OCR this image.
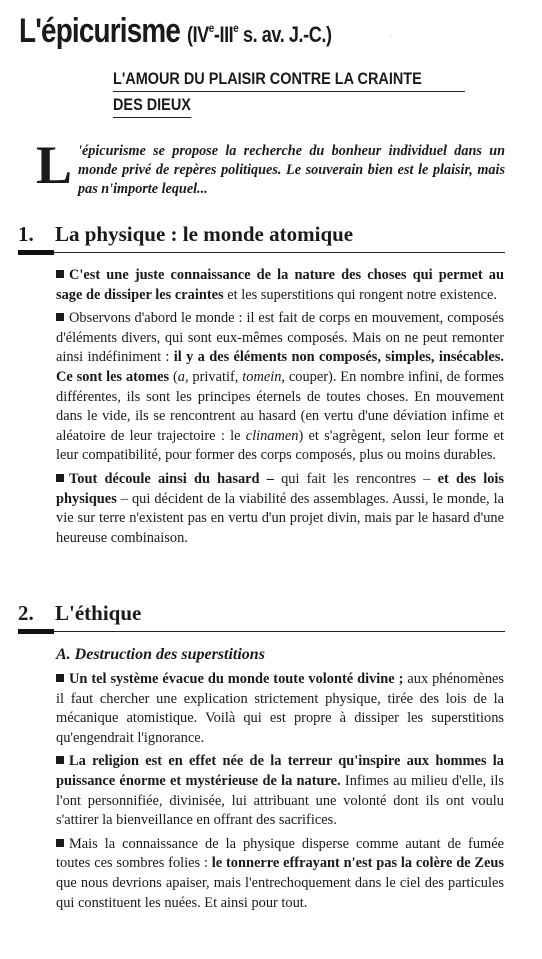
L'épicurisme (IVe-IIIe s. av. J.-C.)	·
L'AMOUR DU PLAISIR CONTRE LA CRAINTE
DES DIEUX

L 'épicurisme se propose la recherche du bonheur individuel dans un monde privé de repères politiques. Le souverain bien est le plaisir, mais pas n'importe lequel...

1. La physique : le monde atomique

C'est une juste connaissance de la nature des choses qui permet au sage de dissiper les craintes et les superstitions qui rongent notre existence.

Observons d'abord le monde : il est fait de corps en mouvement, composés d'éléments divers, qui sont eux-mêmes composés. Mais on ne peut remonter ainsi indéfiniment : il y a des éléments non composés, simples, insécables. Ce sont les atomes (a, privatif, tomein, couper). En nombre infini, de formes différentes, ils sont les principes éternels de toutes choses. En mouvement dans le vide, ils se rencontrent au hasard (en vertu d'une déviation infime et aléatoire de leur trajectoire : le clinamen) et s'agrègent, selon leur forme et leur compatibilité, pour former des corps composés, plus ou moins durables.

Tout découle ainsi du hasard – qui fait les rencontres – et des lois physiques – qui décident de la viabilité des assemblages. Aussi, le monde, la vie sur terre n'existent pas en vertu d'un projet divin, mais par le hasard d'une heureuse combinaison.

2. L'éthique
A. Destruction des superstitions

Un tel système évacue du monde toute volonté divine ; aux phénomènes il faut chercher une explication strictement physique, tirée des lois de la mécanique atomistique. Voilà qui est propre à dissiper les superstitions qu'engendrait l'ignorance.

La religion est en effet née de la terreur qu'inspire aux hommes la puissance énorme et mystérieuse de la nature. Infimes au milieu d'elle, ils l'ont personnifiée, divinisée, lui attribuant une volonté dont ils ont voulu s'attirer la bienveillance en offrant des sacrifices.

Mais la connaissance de la physique disperse comme autant de fumée toutes ces sombres folies : le tonnerre effrayant n'est pas la colère de Zeus que nous devrions apaiser, mais l'entrechoquement dans le ciel des particules qui constituent les nuées. Et ainsi pour tout.
